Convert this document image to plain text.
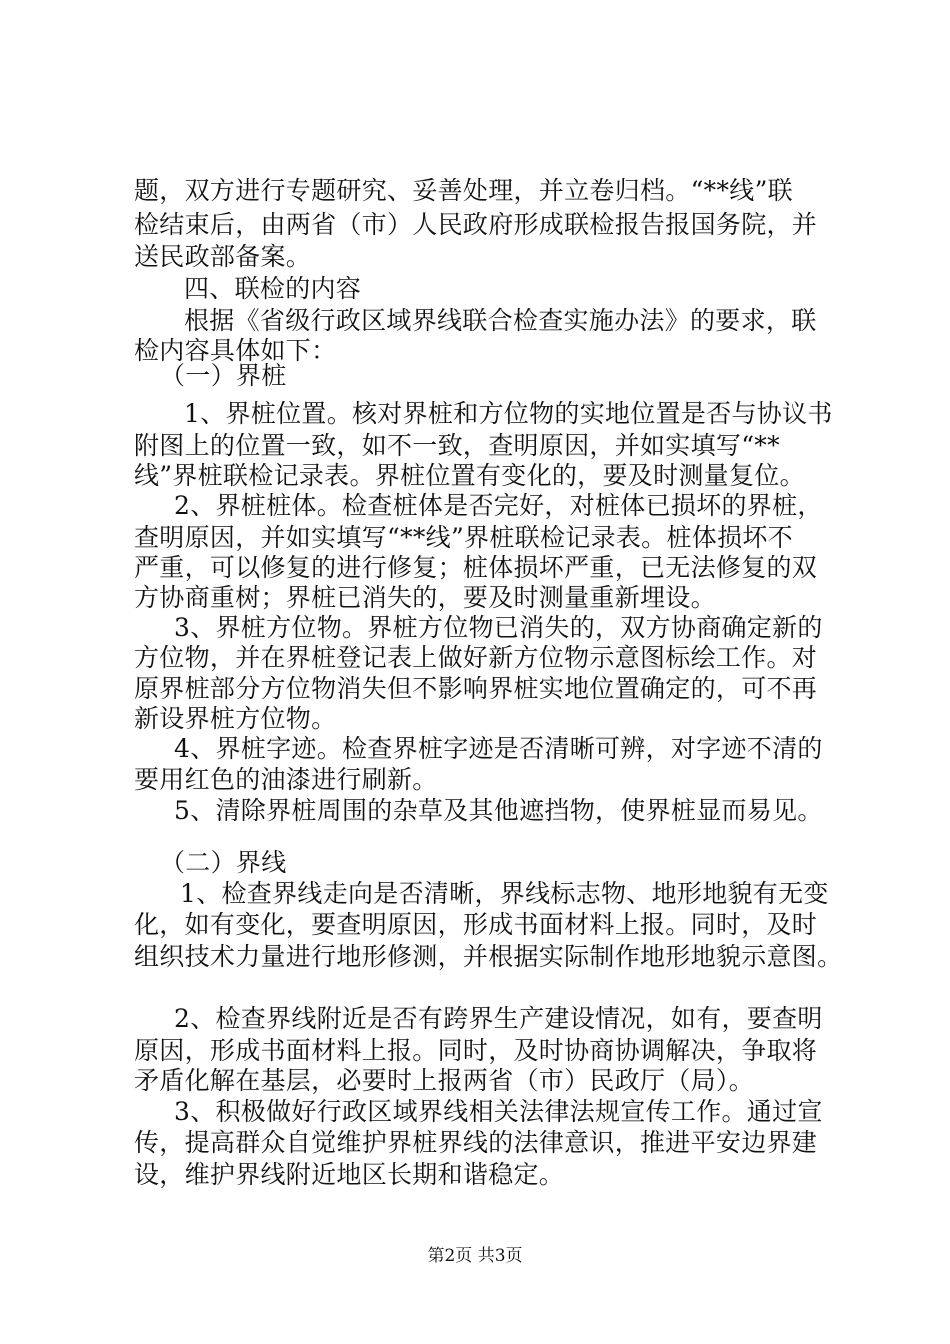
题，双方进行专题研究、妥善处理，并立卷归档。“**线”联

检结束后，由两省（市）人民政府形成联检报告报国务院，并

送民政部备案。

四、联检的内容

根据《省级行政区域界线联合检查实施办法》的要求，联

检内容具体如下：

（一）界桩

1、界桩位置。核对界桩和方位物的实地位置是否与协议书

附图上的位置一致，如不一致，查明原因，并如实填写“**

线”界桩联检记录表。界桩位置有变化的，要及时测量复位。

2、界桩桩体。检查桩体是否完好，对桩体已损坏的界桩，

查明原因，并如实填写“**线”界桩联检记录表。桩体损坏不

严重，可以修复的进行修复；桩体损坏严重，已无法修复的双

方协商重树；界桩已消失的，要及时测量重新埋设。

3、界桩方位物。界桩方位物已消失的，双方协商确定新的

方位物，并在界桩登记表上做好新方位物示意图标绘工作。对

原界桩部分方位物消失但不影响界桩实地位置确定的，可不再

新设界桩方位物。

4、界桩字迹。检查界桩字迹是否清晰可辨，对字迹不清的

要用红色的油漆进行刷新。

5、清除界桩周围的杂草及其他遮挡物，使界桩显而易见。

（二）界线

1、检查界线走向是否清晰，界线标志物、地形地貌有无变

化，如有变化，要查明原因，形成书面材料上报。同时，及时

组织技术力量进行地形修测，并根据实际制作地形地貌示意图。

2、检查界线附近是否有跨界生产建设情况，如有，要查明

原因，形成书面材料上报。同时，及时协商协调解决，争取将

矛盾化解在基层，必要时上报两省（市）民政厅（局）。

3、积极做好行政区域界线相关法律法规宣传工作。通过宣

传，提高群众自觉维护界桩界线的法律意识，推进平安边界建

设，维护界线附近地区长期和谐稳定。

第2页 共3页
